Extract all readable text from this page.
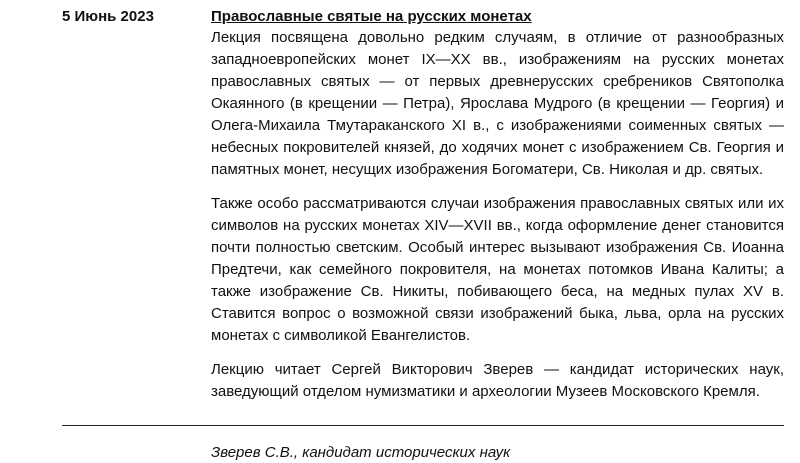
5 Июнь 2023	Православные святые на русских монетах

Лекция посвящена довольно редким случаям, в отличие от разнообразных западноевропейских монет IX—XX вв., изображениям на русских монетах православных святых — от первых древнерусских сребреников Святополка Окаянного (в крещении — Петра), Ярослава Мудрого (в крещении — Георгия) и Олега-Михаила Тмутараканского XI в., с изображениями соименных святых — небесных покровителей князей, до ходячих монет с изображением Св. Георгия и памятных монет, несущих изображения Богоматери, Св. Николая и др. святых.

Также особо рассматриваются случаи изображения православных святых или их символов на русских монетах XIV—XVII вв., когда оформление денег становится почти полностью светским. Особый интерес вызывают изображения Св. Иоанна Предтечи, как семейного покровителя, на монетах потомков Ивана Калиты; а также изображение Св. Никиты, побивающего беса, на медных пулах XV в. Ставится вопрос о возможной связи изображений быка, льва, орла на русских монетах с символикой Евангелистов.

Лекцию читает Сергей Викторович Зверев — кандидат исторических наук, заведующий отделом нумизматики и археологии Музеев Московского Кремля.

Зверев С.В., кандидат исторических наук
